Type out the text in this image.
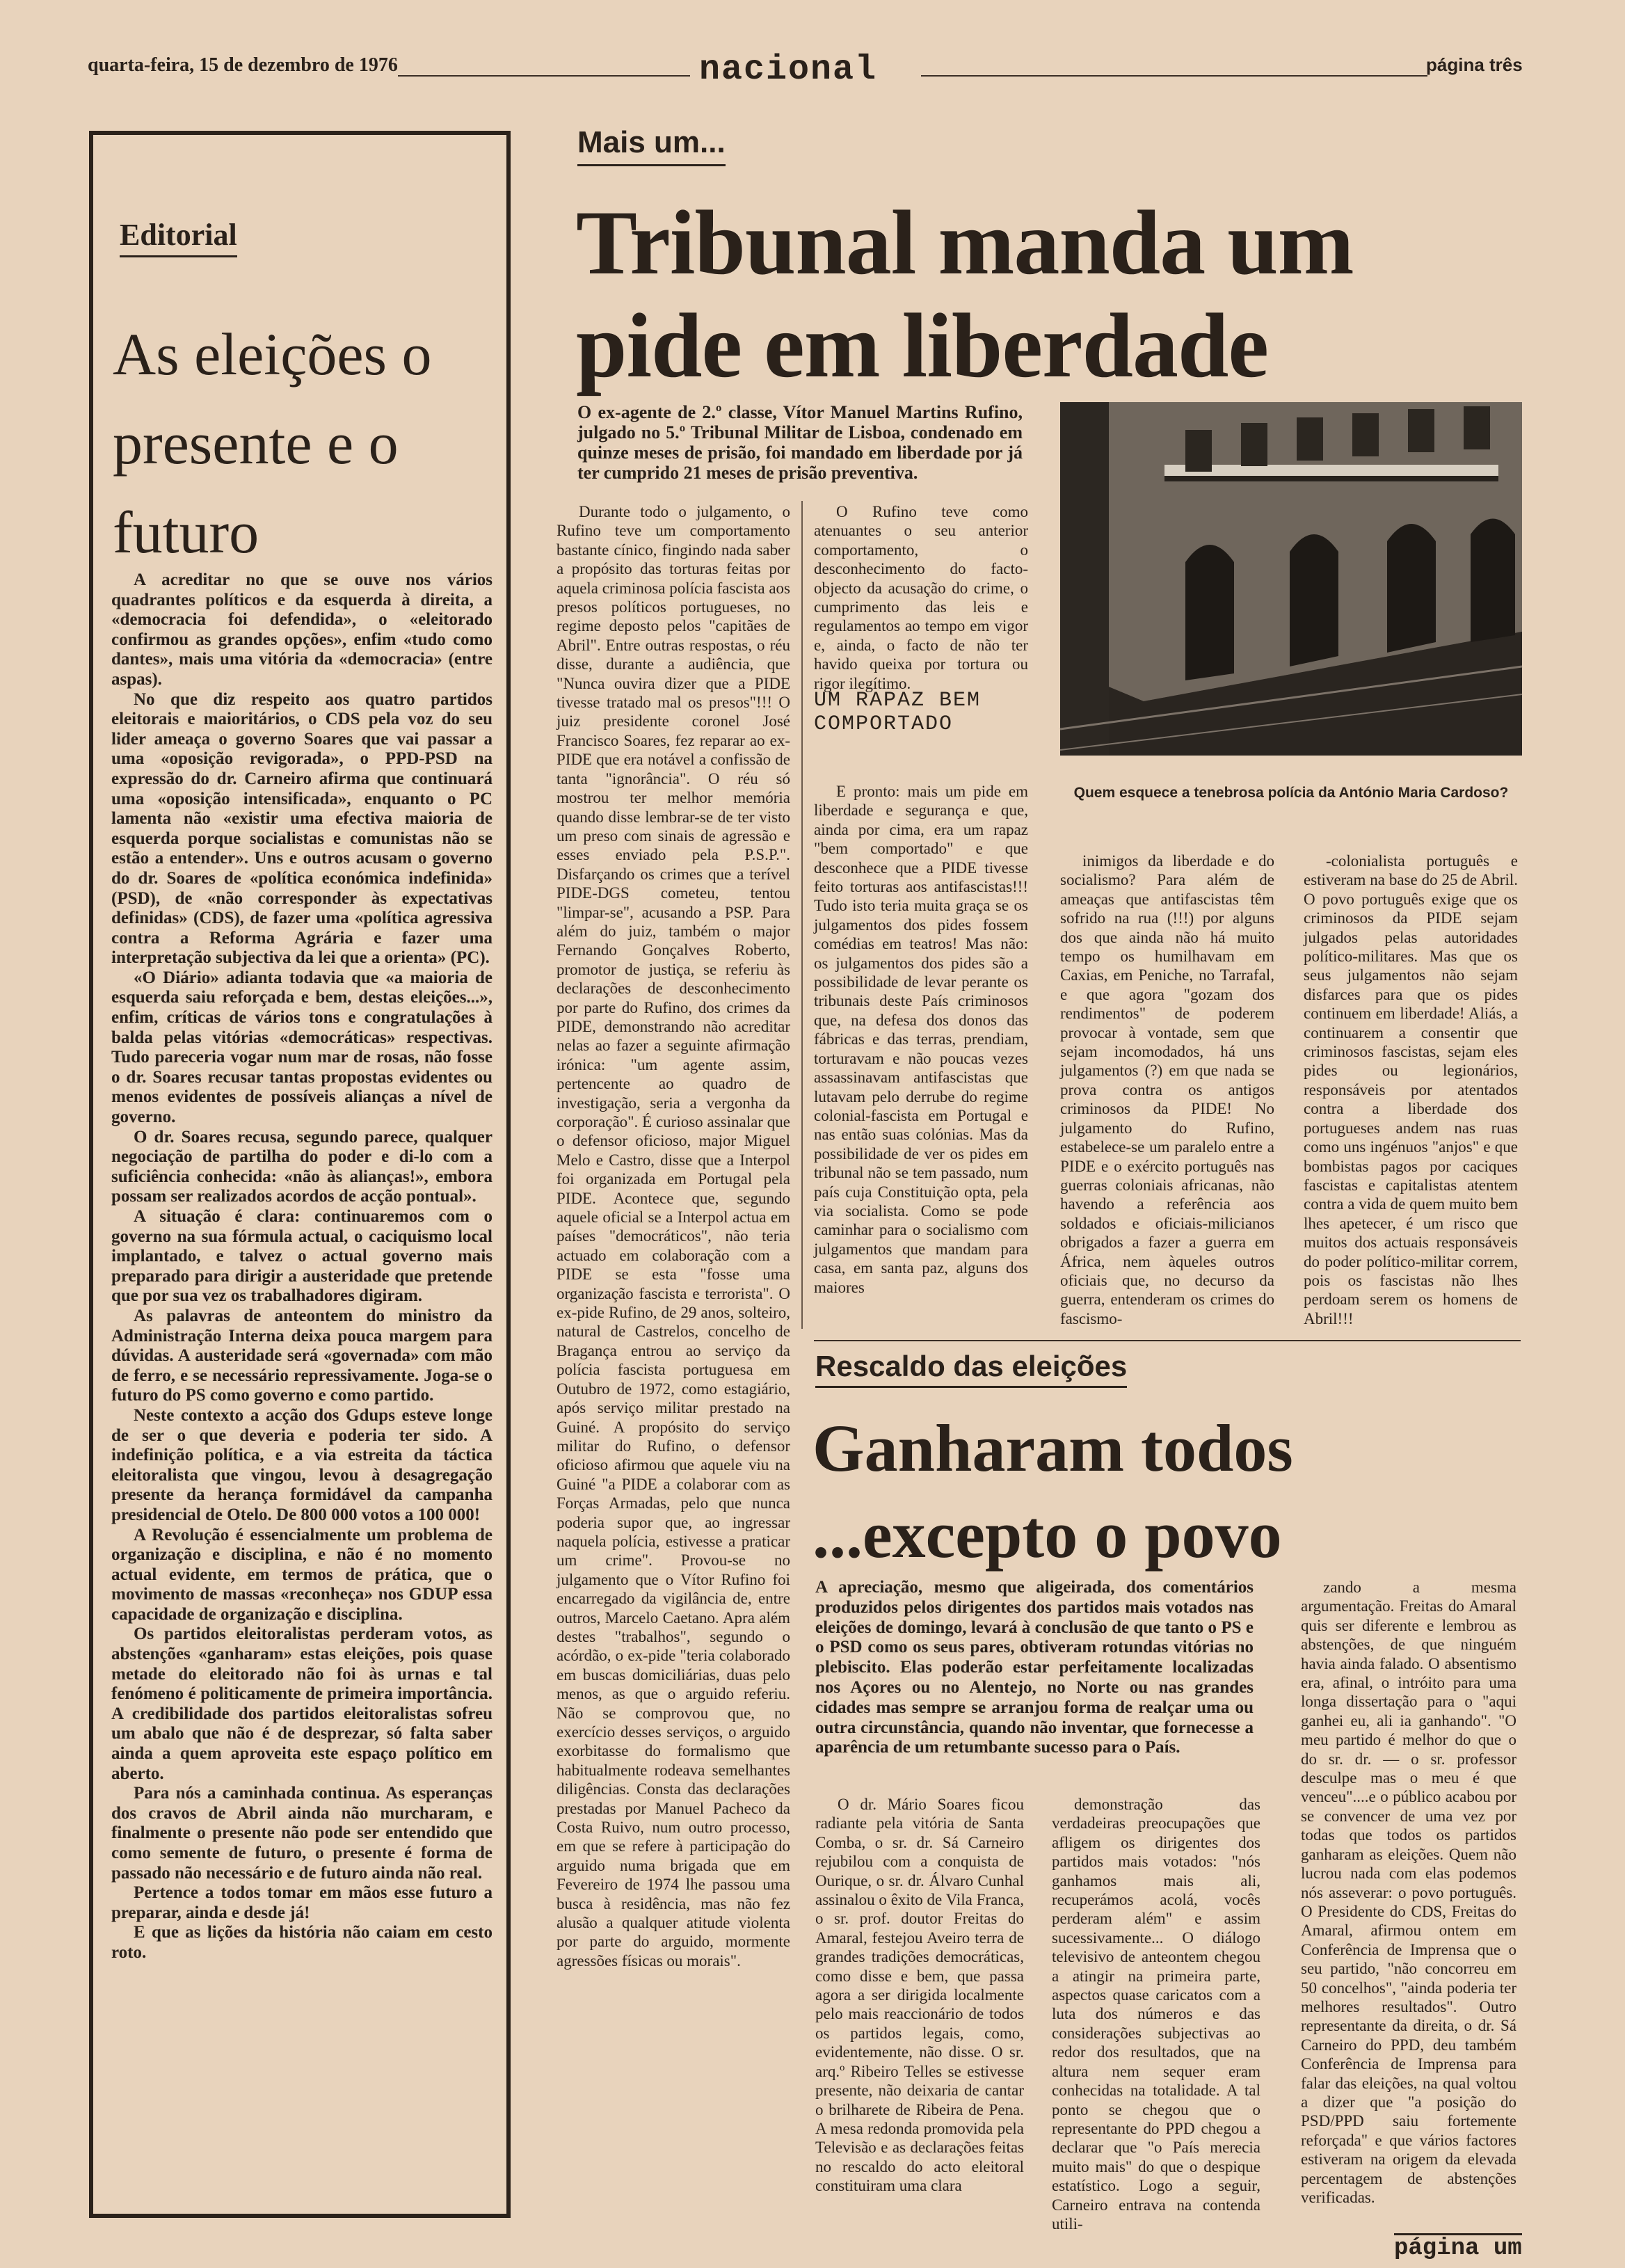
quarta-feira, 15 de dezembro de 1976	nacional	página três
Editorial
As eleições o presente e o futuro

A acreditar no que se ouve nos vários quadrantes políticos e da esquerda à direita, a «democracia foi defendida», o «eleitorado confirmou as grandes opções», enfim «tudo como dantes», mais uma vitória da «democracia» (entre aspas).

No que diz respeito aos quatro partidos eleitorais e maioritários, o CDS pela voz do seu lider ameaça o governo Soares que vai passar a uma «oposição revigorada», o PPD-PSD na expressão do dr. Carneiro afirma que continuará uma «oposição intensificada», enquanto o PC lamenta não «existir uma efectiva maioria de esquerda porque socialistas e comunistas não se estão a entender». Uns e outros acusam o governo do dr. Soares de «política económica indefinida» (PSD), de «não corresponder às expectativas definidas» (CDS), de fazer uma «política agressiva contra a Reforma Agrária e fazer uma interpretação subjectiva da lei que a orienta» (PC).

«O Diário» adianta todavia que «a maioria de esquerda saiu reforçada e bem, destas eleições...», enfim, críticas de vários tons e congratulações à balda pelas vitórias «democráticas» respectivas. Tudo pareceria vogar num mar de rosas, não fosse o dr. Soares recusar tantas propostas evidentes ou menos evidentes de possíveis alianças a nível de governo.

O dr. Soares recusa, segundo parece, qualquer negociação de partilha do poder e di-lo com a suficiência conhecida: «não às alianças!», embora possam ser realizados acordos de acção pontual».

A situação é clara: continuaremos com o governo na sua fórmula actual, o caciquismo local implantado, e talvez o actual governo mais preparado para dirigir a austeridade que pretende que por sua vez os trabalhadores digiram.

As palavras de anteontem do ministro da Administração Interna deixa pouca margem para dúvidas. A austeridade será «governada» com mão de ferro, e se necessário repressivamente. Joga-se o futuro do PS como governo e como partido.

Neste contexto a acção dos Gdups esteve longe de ser o que deveria e poderia ter sido. A indefinição política, e a via estreita da táctica eleitoralista que vingou, levou à desagregação presente da herança formidável da campanha presidencial de Otelo. De 800 000 votos a 100 000!

A Revolução é essencialmente um problema de organização e disciplina, e não é no momento actual evidente, em termos de prática, que o movimento de massas «reconheça» nos GDUP essa capacidade de organização e disciplina.

Os partidos eleitoralistas perderam votos, as abstenções «ganharam» estas eleições, pois quase metade do eleitorado não foi às urnas e tal fenómeno é politicamente de primeira importância. A credibilidade dos partidos eleitoralistas sofreu um abalo que não é de desprezar, só falta saber ainda a quem aproveita este espaço político em aberto.

Para nós a caminhada continua. As esperanças dos cravos de Abril ainda não murcharam, e finalmente o presente não pode ser entendido que como semente de futuro, o presente é forma de passado não necessário e de futuro ainda não real.

Pertence a todos tomar em mãos esse futuro a preparar, ainda e desde já!

E que as lições da história não caiam em cesto roto.

Mais um...
Tribunal manda um pide em liberdade
O ex-agente de 2.º classe, Vítor Manuel Martins Rufino, julgado no 5.º Tribunal Militar de Lisboa, condenado em quinze meses de prisão, foi mandado em liberdade por já ter cumprido 21 meses de prisão preventiva.

Durante todo o julgamento, o Rufino teve um comportamento bastante cínico, fingindo nada saber a propósito das torturas feitas por aquela criminosa polícia fascista aos presos políticos portugueses, no regime deposto pelos "capitães de Abril". Entre outras respostas, o réu disse, durante a audiência, que "Nunca ouvira dizer que a PIDE tivesse tratado mal os presos"!!! O juiz presidente coronel José Francisco Soares, fez reparar ao ex-PIDE que era notável a confissão de tanta "ignorância". O réu só mostrou ter melhor memória quando disse lembrar-se de ter visto um preso com sinais de agressão e esses enviado pela P.S.P.". Disfarçando os crimes que a terível PIDE-DGS cometeu, tentou "limpar-se", acusando a PSP. Para além do juiz, também o major Fernando Gonçalves Roberto, promotor de justiça, se referiu às declarações de desconhecimento por parte do Rufino, dos crimes da PIDE, demonstrando não acreditar nelas ao fazer a seguinte afirmação irónica: "um agente assim, pertencente ao quadro de investigação, seria a vergonha da corporação". É curioso assinalar que o defensor oficioso, major Miguel Melo e Castro, disse que a Interpol foi organizada em Portugal pela PIDE. Acontece que, segundo aquele oficial se a Interpol actua em países "democráticos", não teria actuado em colaboração com a PIDE se esta "fosse uma organização fascista e terrorista". O ex-pide Rufino, de 29 anos, solteiro, natural de Castrelos, concelho de Bragança entrou ao serviço da polícia fascista portuguesa em Outubro de 1972, como estagiário, após serviço militar prestado na Guiné. A propósito do serviço militar do Rufino, o defensor oficioso afirmou que aquele viu na Guiné "a PIDE a colaborar com as Forças Armadas, pelo que nunca poderia supor que, ao ingressar naquela polícia, estivesse a praticar um crime". Provou-se no julgamento que o Vítor Rufino foi encarregado da vigilância de, entre outros, Marcelo Caetano. Apra além destes "trabalhos", segundo o acórdão, o ex-pide "teria colaborado em buscas domiciliárias, duas pelo menos, as que o arguido referiu. Não se comprovou que, no exercício desses serviços, o arguido exorbitasse do formalismo que habitualmente rodeava semelhantes diligências. Consta das declarações prestadas por Manuel Pacheco da Costa Ruivo, num outro processo, em que se refere à participação do arguido numa brigada que em Fevereiro de 1974 lhe passou uma busca à residência, mas não fez alusão a qualquer atitude violenta por parte do arguido, mormente agressões físicas ou morais".

O Rufino teve como atenuantes o seu anterior comportamento, o desconhecimento do facto-objecto da acusação do crime, o cumprimento das leis e regulamentos ao tempo em vigor e, ainda, o facto de não ter havido queixa por tortura ou rigor ilegítimo.

UM RAPAZ BEM COMPORTADO

E pronto: mais um pide em liberdade e segurança e que, ainda por cima, era um rapaz "bem comportado" e que desconhece que a PIDE tivesse feito torturas aos antifascistas!!! Tudo isto teria muita graça se os julgamentos dos pides fossem comédias em teatros! Mas não: os julgamentos dos pides são a possibilidade de levar perante os tribunais deste País criminosos que, na defesa dos donos das fábricas e das terras, prendiam, torturavam e não poucas vezes assassinavam antifascistas que lutavam pelo derrube do regime colonial-fascista em Portugal e nas então suas colónias. Mas da possibilidade de ver os pides em tribunal não se tem passado, num país cuja Constituição opta, pela via socialista. Como se pode caminhar para o socialismo com julgamentos que mandam para casa, em santa paz, alguns dos maiores

Quem esquece a tenebrosa polícia da António Maria Cardoso?

inimigos da liberdade e do socialismo? Para além de ameaças que antifascistas têm sofrido na rua (!!!) por alguns dos que ainda não há muito tempo os humilhavam em Caxias, em Peniche, no Tarrafal, e que agora "gozam dos rendimentos" de poderem provocar à vontade, sem que sejam incomodados, há uns julgamentos (?) em que nada se prova contra os antigos criminosos da PIDE! No julgamento do Rufino, estabelece-se um paralelo entre a PIDE e o exército português nas guerras coloniais africanas, não havendo a referência aos soldados e oficiais-milicianos obrigados a fazer a guerra em África, nem àqueles outros oficiais que, no decurso da guerra, entenderam os crimes do fascismo-

-colonialista português e estiveram na base do 25 de Abril. O povo português exige que os criminosos da PIDE sejam julgados pelas autoridades político-militares. Mas que os seus julgamentos não sejam disfarces para que os pides continuem em liberdade! Aliás, a continuarem a consentir que criminosos fascistas, sejam eles pides ou legionários, responsáveis por atentados contra a liberdade dos portugueses andem nas ruas como uns ingénuos "anjos" e que bombistas pagos por caciques fascistas e capitalistas atentem contra a vida de quem muito bem lhes apetecer, é um risco que muitos dos actuais responsáveis do poder político-militar correm, pois os fascistas não lhes perdoam serem os homens de Abril!!!

Rescaldo das eleições
Ganharam todos ...excepto o povo
A apreciação, mesmo que aligeirada, dos comentários produzidos pelos dirigentes dos partidos mais votados nas eleições de domingo, levará à conclusão de que tanto o PS e o PSD como os seus pares, obtiveram rotundas vitórias no plebiscito. Elas poderão estar perfeitamente localizadas nos Açores ou no Alentejo, no Norte ou nas grandes cidades mas sempre se arranjou forma de realçar uma ou outra circunstância, quando não inventar, que fornecesse a aparência de um retumbante sucesso para o País.

O dr. Mário Soares ficou radiante pela vitória de Santa Comba, o sr. dr. Sá Carneiro rejubilou com a conquista de Ourique, o sr. dr. Álvaro Cunhal assinalou o êxito de Vila Franca, o sr. prof. doutor Freitas do Amaral, festejou Aveiro terra de grandes tradições democráticas, como disse e bem, que passa agora a ser dirigida localmente pelo mais reaccionário de todos os partidos legais, como, evidentemente, não disse. O sr. arq.º Ribeiro Telles se estivesse presente, não deixaria de cantar o brilharete de Ribeira de Pena. A mesa redonda promovida pela Televisão e as declarações feitas no rescaldo do acto eleitoral constituiram uma clara

demonstração das verdadeiras preocupações que afligem os dirigentes dos partidos mais votados: "nós ganhamos mais ali, recuperámos acolá, vocês perderam além" e assim sucessivamente... O diálogo televisivo de anteontem chegou a atingir na primeira parte, aspectos quase caricatos com a luta dos números e das considerações subjectivas ao redor dos resultados, que na altura nem sequer eram conhecidas na totalidade. A tal ponto se chegou que o representante do PPD chegou a declarar que "o País merecia muito mais" do que o despique estatístico. Logo a seguir, Carneiro entrava na contenda utili-

zando a mesma argumentação. Freitas do Amaral quis ser diferente e lembrou as abstenções, de que ninguém havia ainda falado. O absentismo era, afinal, o intróito para uma longa dissertação para o "aqui ganhei eu, ali ia ganhando". "O meu partido é melhor do que o do sr. dr. — o sr. professor desculpe mas o meu é que venceu"....e o público acabou por se convencer de uma vez por todas que todos os partidos ganharam as eleições. Quem não lucrou nada com elas podemos nós asseverar: o povo português. O Presidente do CDS, Freitas do Amaral, afirmou ontem em Conferência de Imprensa que o seu partido, "não concorreu em 50 concelhos", "ainda poderia ter melhores resultados". Outro representante da direita, o dr. Sá Carneiro do PPD, deu também Conferência de Imprensa para falar das eleições, na qual voltou a dizer que "a posição do PSD/PPD saiu fortemente reforçada" e que vários factores estiveram na origem da elevada percentagem de abstenções verificadas.

página um
